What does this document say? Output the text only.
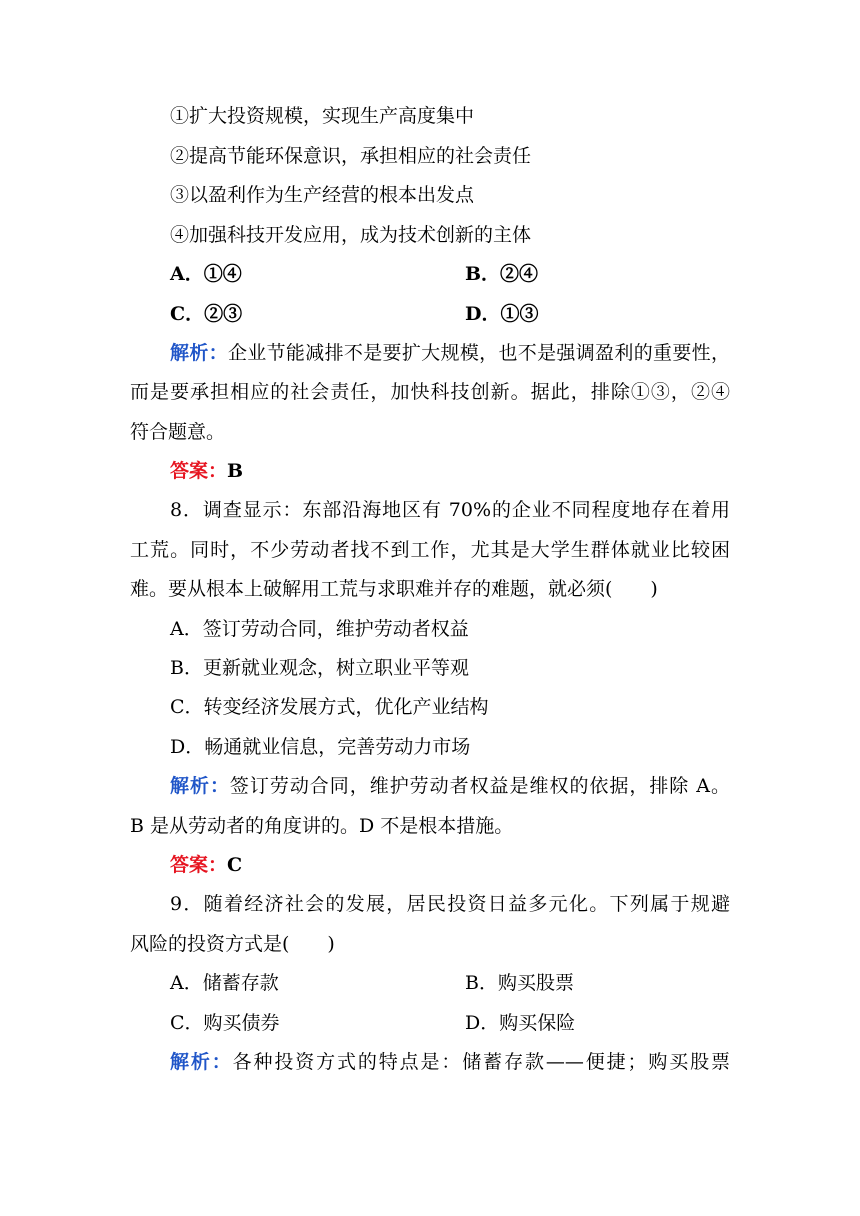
①扩大投资规模，实现生产高度集中
②提高节能环保意识，承担相应的社会责任
③以盈利作为生产经营的根本出发点
④加强科技开发应用，成为技术创新的主体
A．①④	B．②④
C．②③	D．①③
解析：企业节能减排不是要扩大规模，也不是强调盈利的重要性，
而是要承担相应的社会责任，加快科技创新。据此，排除①③，②④
符合题意。
答案：B
8．调查显示：东部沿海地区有 70%的企业不同程度地存在着用
工荒。同时，不少劳动者找不到工作，尤其是大学生群体就业比较困
难。要从根本上破解用工荒与求职难并存的难题，就必须(　　)
A．签订劳动合同，维护劳动者权益
B．更新就业观念，树立职业平等观
C．转变经济发展方式，优化产业结构
D．畅通就业信息，完善劳动力市场
解析：签订劳动合同，维护劳动者权益是维权的依据，排除 A。
B 是从劳动者的角度讲的。D 不是根本措施。
答案：C
9．随着经济社会的发展，居民投资日益多元化。下列属于规避
风险的投资方式是(　　)
A．储蓄存款	B．购买股票
C．购买债券	D．购买保险
解析：各种投资方式的特点是：储蓄存款——便捷；购买股票
